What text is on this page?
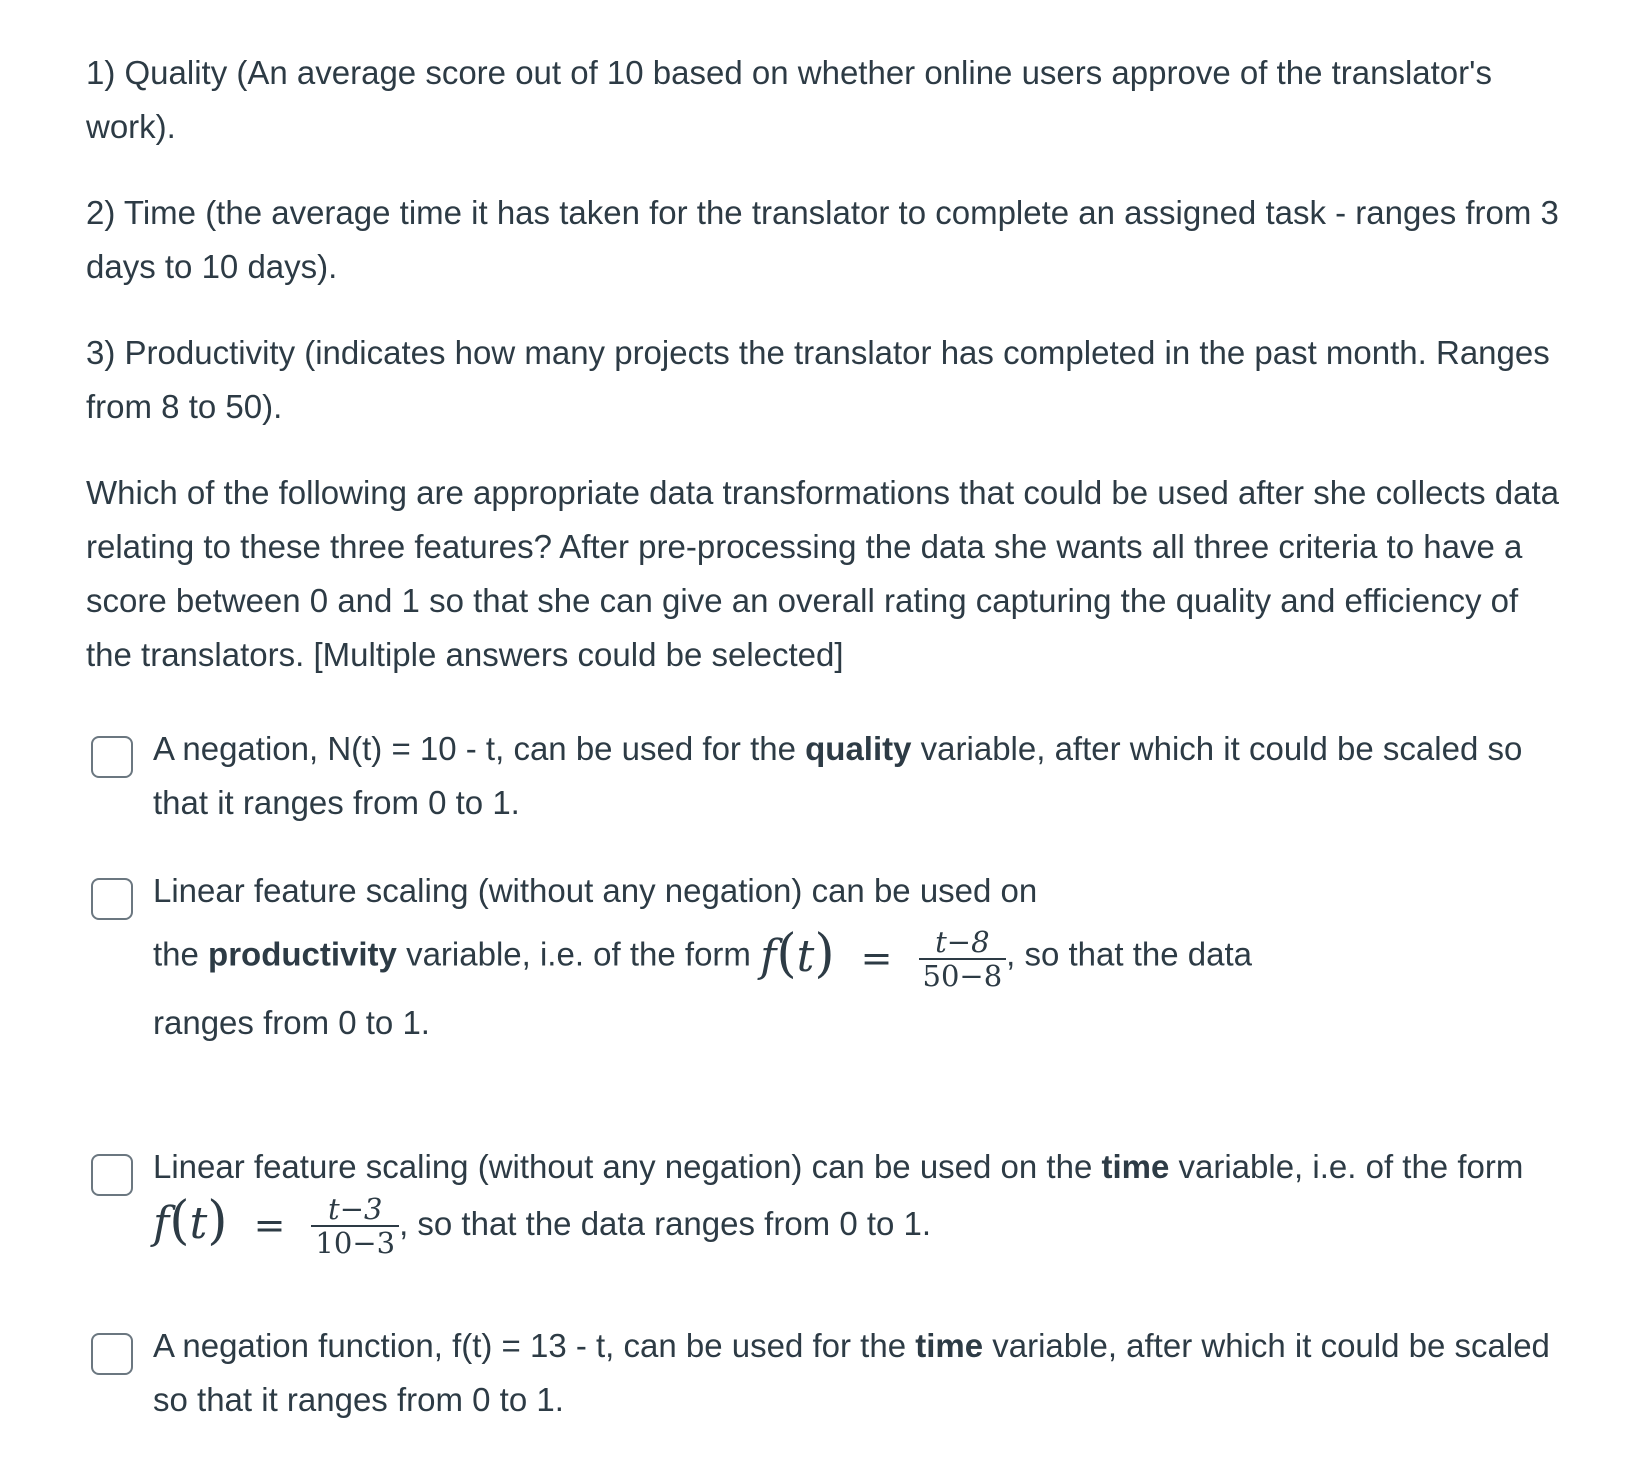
1) Quality (An average score out of 10 based on whether online users approve of the translator's work).

2) Time (the average time it has taken for the translator to complete an assigned task - ranges from 3 days to 10 days).

3) Productivity (indicates how many projects the translator has completed in the past month. Ranges from 8 to 50).

Which of the following are appropriate data transformations that could be used after she collects data relating to these three features? After pre-processing the data she wants all three criteria to have a score between 0 and 1 so that she can give an overall rating capturing the quality and efficiency of the translators. [Multiple answers could be selected]

A negation, N(t) = 10 - t, can be used for the quality variable, after which it could be scaled so that it ranges from 0 to 1.
Linear feature scaling (without any negation) can be used on
the productivity variable, i.e. of the form $f(t) = \frac{t-8}{50-8}$ , so that the data
ranges from 0 to 1.
Linear feature scaling (without any negation) can be used on the time variable, i.e. of the form $f(t) = \frac{t-3}{10-3}$ , so that the data ranges from 0 to 1.
A negation function, f(t) = 13 - t, can be used for the time variable, after which it could be scaled so that it ranges from 0 to 1.
